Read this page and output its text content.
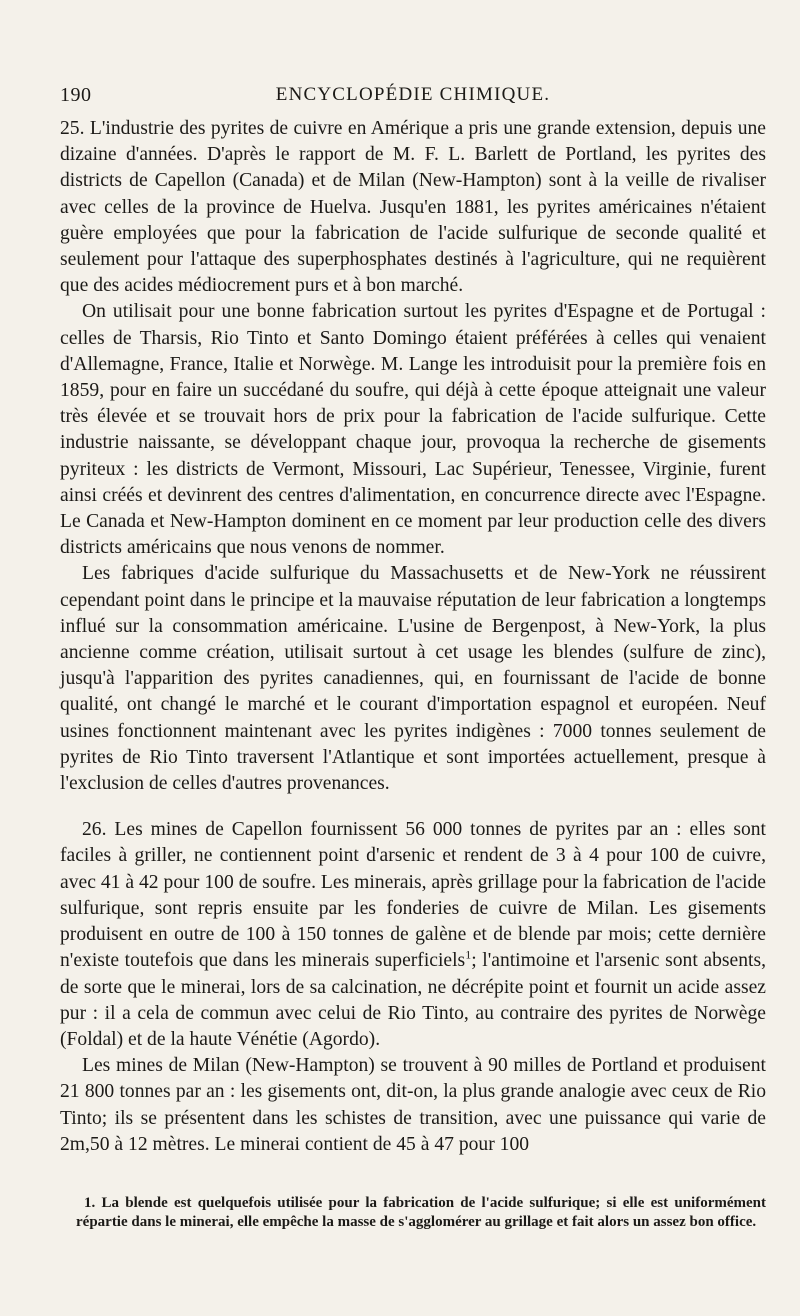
190	ENCYCLOPÉDIE CHIMIQUE.

25. L'industrie des pyrites de cuivre en Amérique a pris une grande extension, depuis une dizaine d'années. D'après le rapport de M. F. L. Barlett de Portland, les pyrites des districts de Capellon (Canada) et de Milan (New-Hampton) sont à la veille de rivaliser avec celles de la province de Huelva. Jusqu'en 1881, les pyrites américaines n'étaient guère employées que pour la fabrication de l'acide sulfurique de seconde qualité et seulement pour l'attaque des superphosphates destinés à l'agriculture, qui ne requièrent que des acides médiocrement purs et à bon marché.

On utilisait pour une bonne fabrication surtout les pyrites d'Espagne et de Portugal : celles de Tharsis, Rio Tinto et Santo Domingo étaient préférées à celles qui venaient d'Allemagne, France, Italie et Norwège. M. Lange les introduisit pour la première fois en 1859, pour en faire un succédané du soufre, qui déjà à cette époque atteignait une valeur très élevée et se trouvait hors de prix pour la fabrication de l'acide sulfurique. Cette industrie naissante, se développant chaque jour, provoqua la recherche de gisements pyriteux : les districts de Vermont, Missouri, Lac Supérieur, Tenessee, Virginie, furent ainsi créés et devinrent des centres d'alimentation, en concurrence directe avec l'Espagne. Le Canada et New-Hampton dominent en ce moment par leur production celle des divers districts américains que nous venons de nommer.

Les fabriques d'acide sulfurique du Massachusetts et de New-York ne réussirent cependant point dans le principe et la mauvaise réputation de leur fabrication a longtemps influé sur la consommation américaine. L'usine de Bergenpost, à New-York, la plus ancienne comme création, utilisait surtout à cet usage les blendes (sulfure de zinc), jusqu'à l'apparition des pyrites canadiennes, qui, en fournissant de l'acide de bonne qualité, ont changé le marché et le courant d'importation espagnol et européen. Neuf usines fonctionnent maintenant avec les pyrites indigènes : 7000 tonnes seulement de pyrites de Rio Tinto traversent l'Atlantique et sont importées actuellement, presque à l'exclusion de celles d'autres provenances.

26. Les mines de Capellon fournissent 56 000 tonnes de pyrites par an : elles sont faciles à griller, ne contiennent point d'arsenic et rendent de 3 à 4 pour 100 de cuivre, avec 41 à 42 pour 100 de soufre. Les minerais, après grillage pour la fabrication de l'acide sulfurique, sont repris ensuite par les fonderies de cuivre de Milan. Les gisements produisent en outre de 100 à 150 tonnes de galène et de blende par mois; cette dernière n'existe toutefois que dans les minerais superficiels$^1$; l'antimoine et l'arsenic sont absents, de sorte que le minerai, lors de sa calcination, ne décrépite point et fournit un acide assez pur : il a cela de commun avec celui de Rio Tinto, au contraire des pyrites de Norwège (Foldal) et de la haute Vénétie (Agordo).

Les mines de Milan (New-Hampton) se trouvent à 90 milles de Portland et produisent 21 800 tonnes par an : les gisements ont, dit-on, la plus grande analogie avec ceux de Rio Tinto; ils se présentent dans les schistes de transition, avec une puissance qui varie de 2m,50 à 12 mètres. Le minerai contient de 45 à 47 pour 100

1. La blende est quelquefois utilisée pour la fabrication de l'acide sulfurique; si elle est uniformément répartie dans le minerai, elle empêche la masse de s'agglomérer au grillage et fait alors un assez bon office.
